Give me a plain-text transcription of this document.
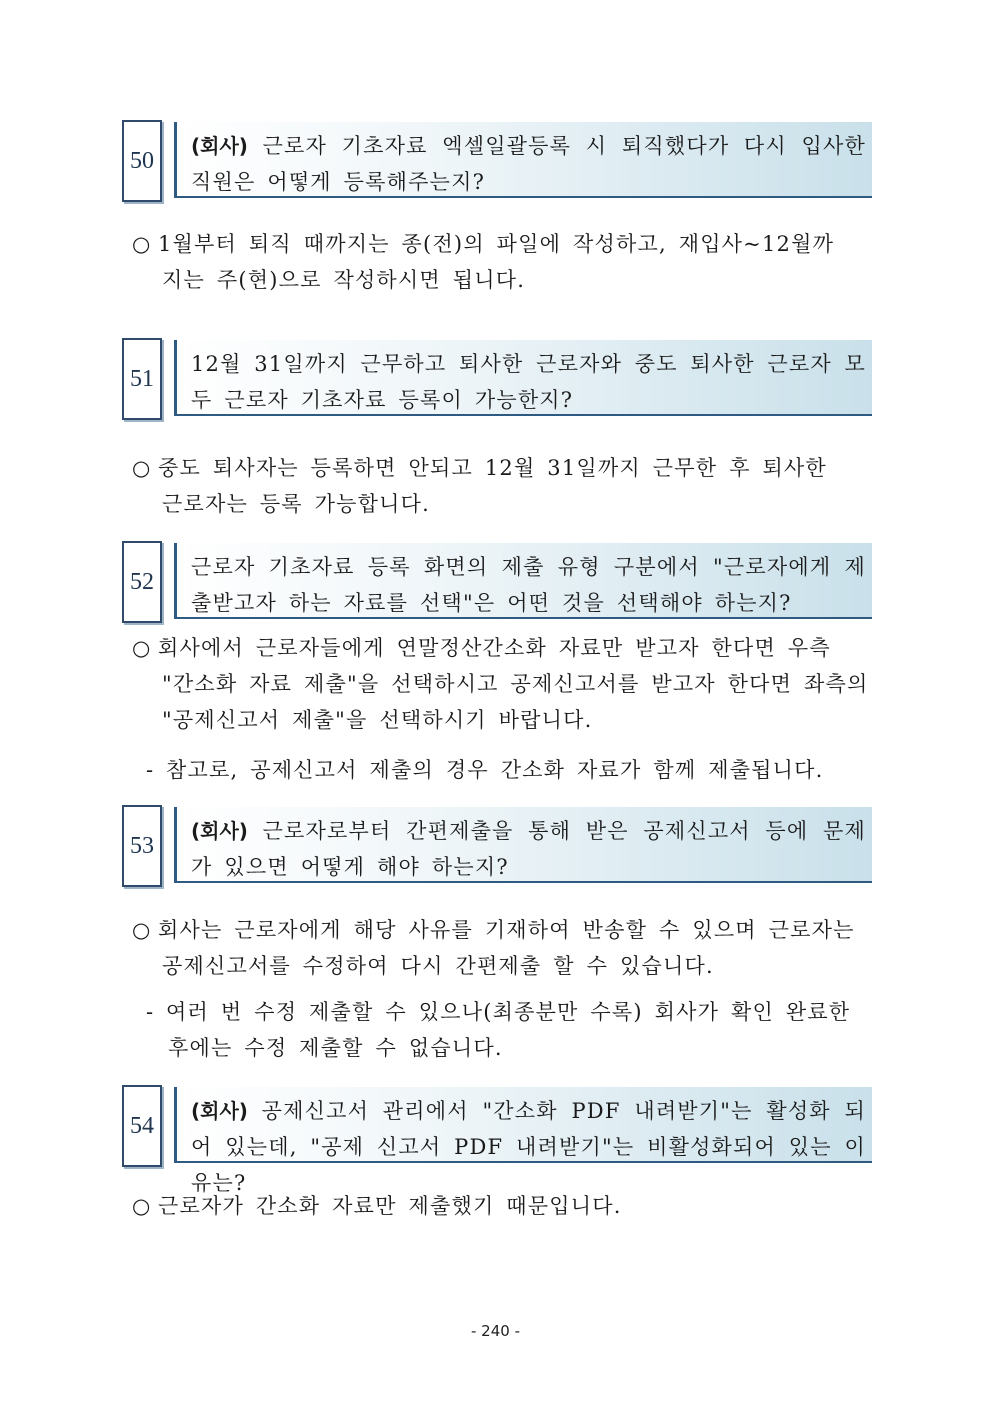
50
(회사) 근로자 기초자료 엑셀일괄등록 시 퇴직했다가 다시 입사한 직원은 어떻게 등록해주는지?
○ 1월부터 퇴직 때까지는 종(전)의 파일에 작성하고, 재입사~12월까
지는 주(현)으로 작성하시면 됩니다.
51
12월 31일까지 근무하고 퇴사한 근로자와 중도 퇴사한 근로자 모두 근로자 기초자료 등록이 가능한지?
○ 중도 퇴사자는 등록하면 안되고 12월 31일까지 근무한 후 퇴사한
근로자는 등록 가능합니다.
52
근로자 기초자료 등록 화면의 제출 유형 구분에서 "근로자에게 제출받고자 하는 자료를 선택"은 어떤 것을 선택해야 하는지?
○ 회사에서 근로자들에게 연말정산간소화 자료만 받고자 한다면 우측
"간소화 자료 제출"을 선택하시고 공제신고서를 받고자 한다면 좌측의
"공제신고서 제출"을 선택하시기 바랍니다.
- 참고로, 공제신고서 제출의 경우 간소화 자료가 함께 제출됩니다.
53
(회사) 근로자로부터 간편제출을 통해 받은 공제신고서 등에 문제가 있으면 어떻게 해야 하는지?
○ 회사는 근로자에게 해당 사유를 기재하여 반송할 수 있으며 근로자는
공제신고서를 수정하여 다시 간편제출 할 수 있습니다.
- 여러 번 수정 제출할 수 있으나(최종분만 수록) 회사가 확인 완료한
후에는 수정 제출할 수 없습니다.
54
(회사) 공제신고서 관리에서 "간소화 PDF 내려받기"는 활성화 되어 있는데, "공제 신고서 PDF 내려받기"는 비활성화되어 있는 이유는?
○ 근로자가 간소화 자료만 제출했기 때문입니다.
- 240 -
